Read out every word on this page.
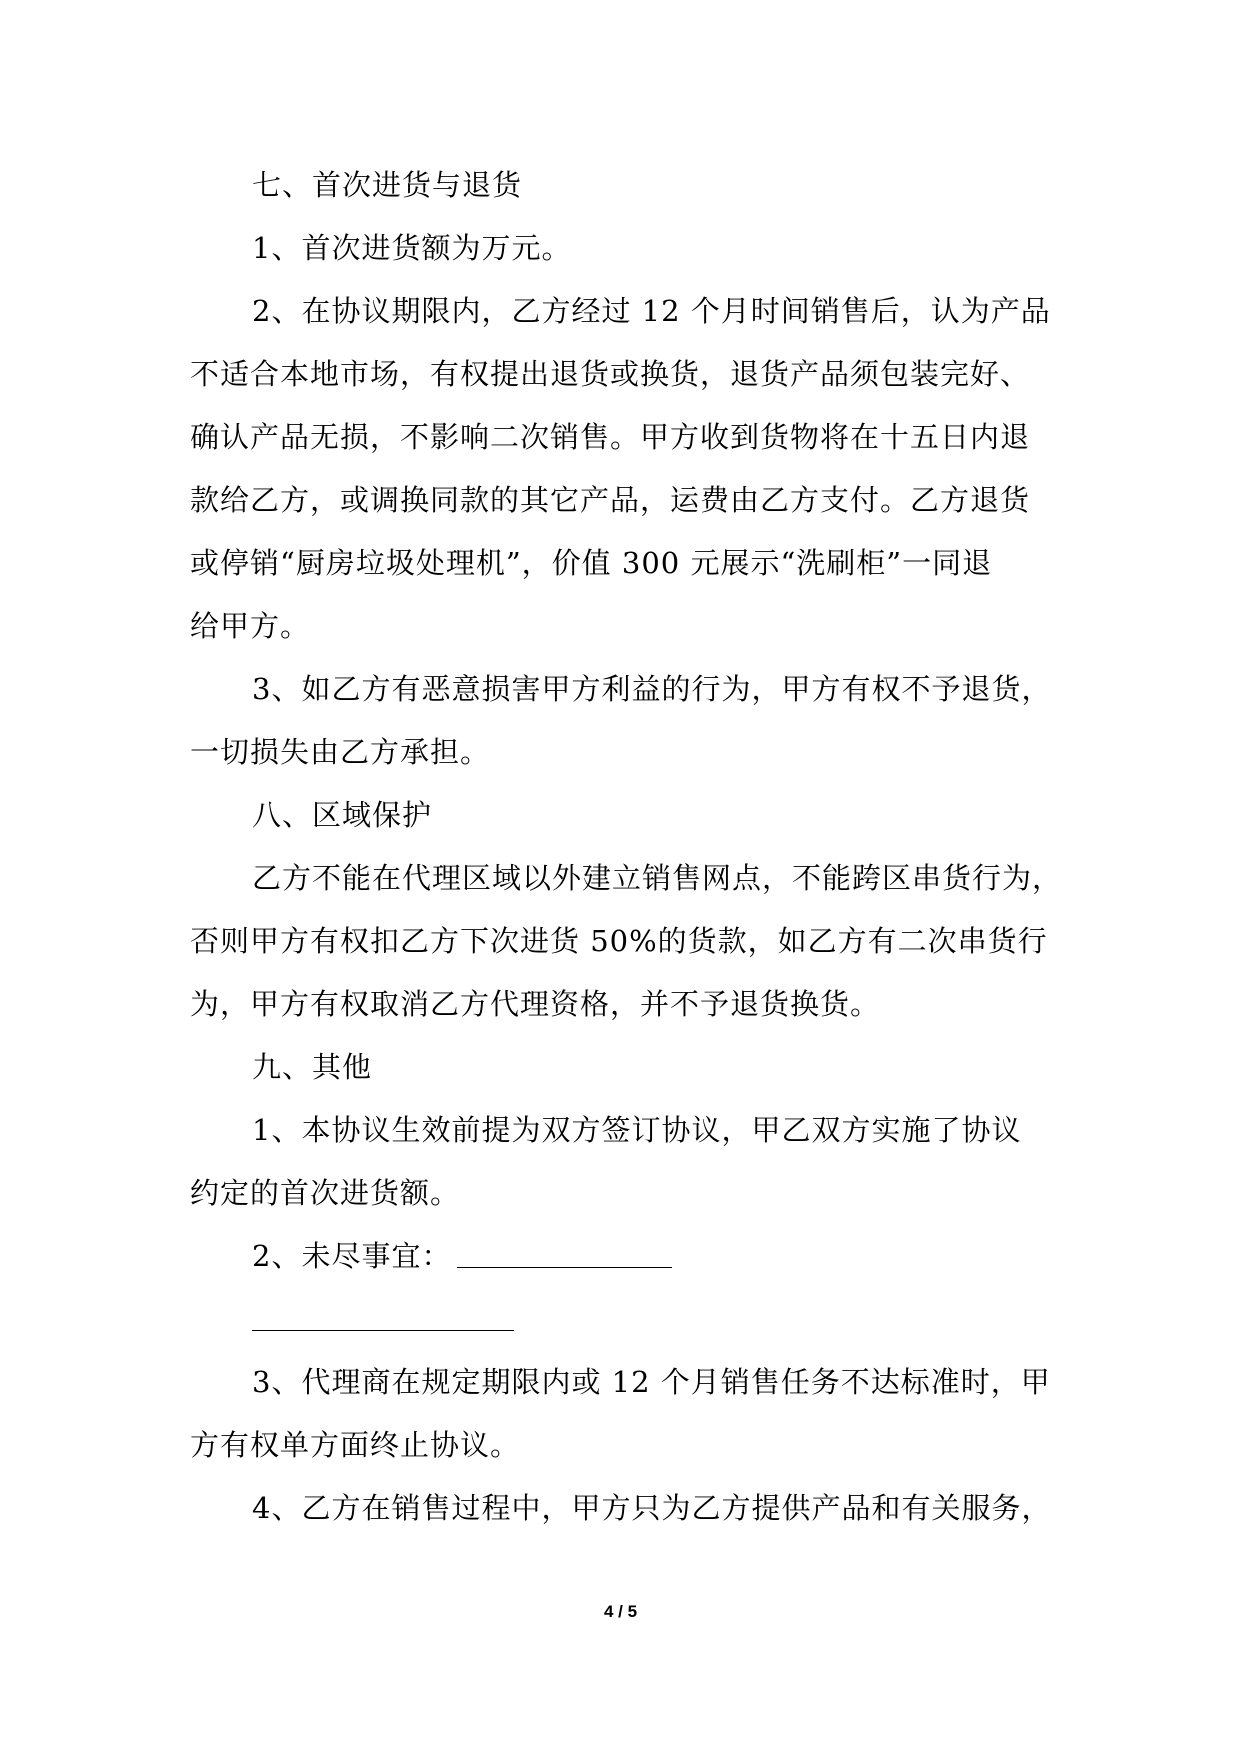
七、首次进货与退货
1、首次进货额为万元。
2、在协议期限内，乙方经过 12 个月时间销售后，认为产品
不适合本地市场，有权提出退货或换货，退货产品须包装完好、
确认产品无损，不影响二次销售。甲方收到货物将在十五日内退
款给乙方，或调换同款的其它产品，运费由乙方支付。乙方退货
或停销“厨房垃圾处理机”，价值 300 元展示“洗刷柜”一同退
给甲方。
3、如乙方有恶意损害甲方利益的行为，甲方有权不予退货，
一切损失由乙方承担。
八、区域保护
乙方不能在代理区域以外建立销售网点，不能跨区串货行为，
否则甲方有权扣乙方下次进货 50%的货款，如乙方有二次串货行
为，甲方有权取消乙方代理资格，并不予退货换货。
九、其他
1、本协议生效前提为双方签订协议，甲乙双方实施了协议
约定的首次进货额。
2、未尽事宜：
3、代理商在规定期限内或 12 个月销售任务不达标准时，甲
方有权单方面终止协议。
4、乙方在销售过程中，甲方只为乙方提供产品和有关服务，
4 / 5
